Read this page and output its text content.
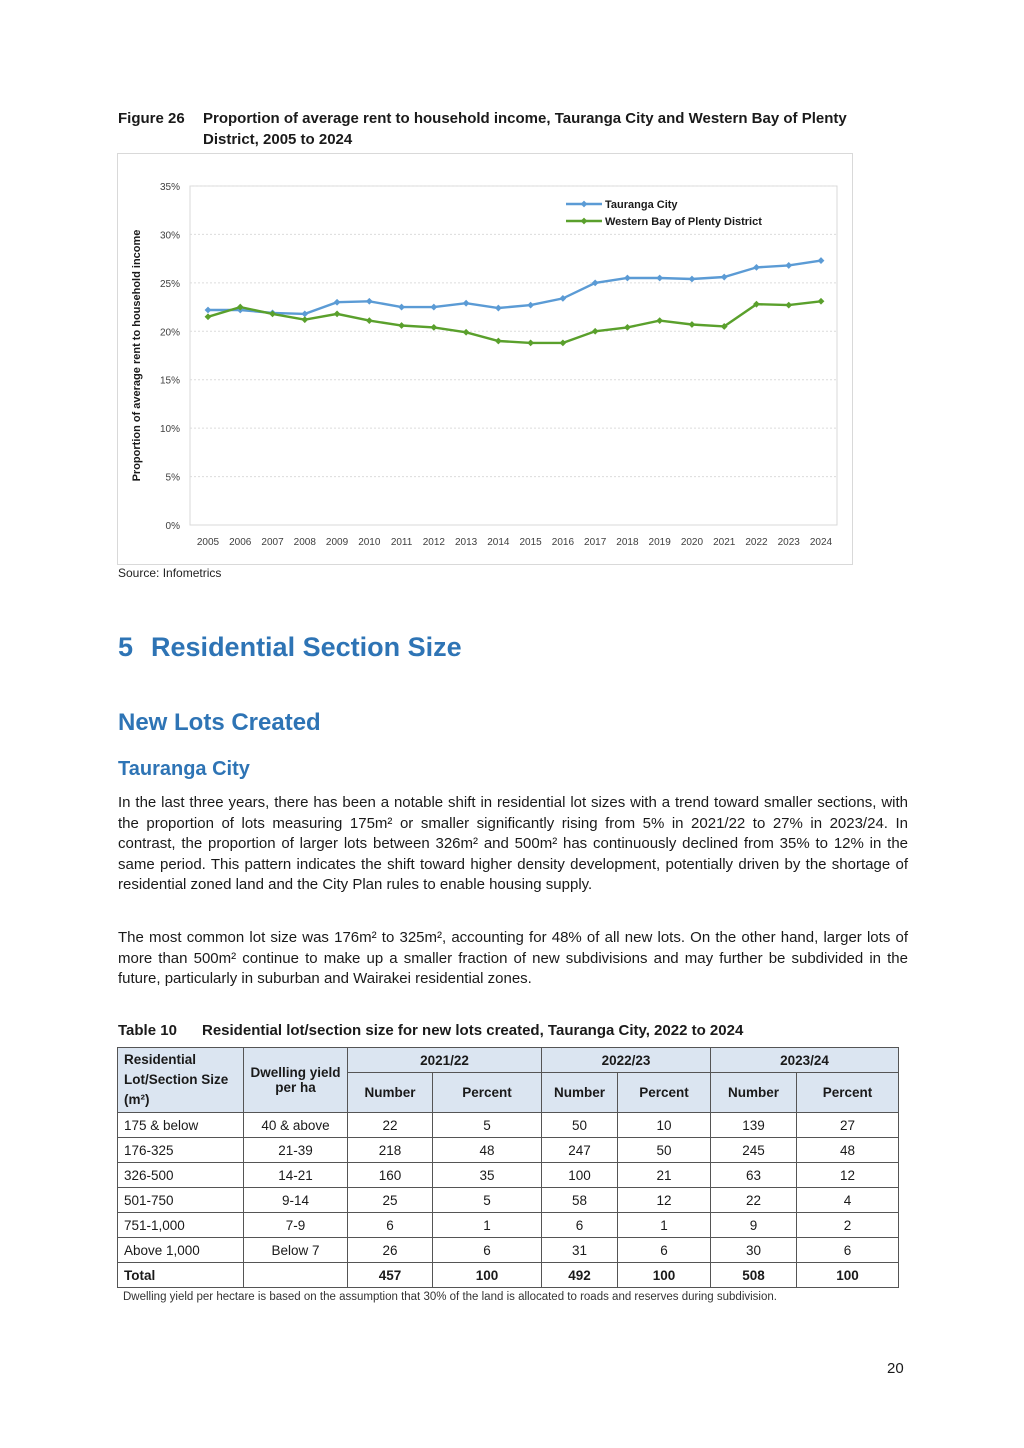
Figure 26	Proportion of average rent to household income, Tauranga City and Western Bay of Plenty District, 2005 to 2024
0%
5%
10%
15%
20%
25%
30%
35%
2005 2006 2007 2008 2009 2010 2011 2012 2013 2014 2015 2016 2017 2018 2019 2020 2021 2022 2023 2024
Proportion of average rent to household income
Tauranga City
Western Bay of Plenty District
Source: Infometrics
5 Residential Section Size
New Lots Created
Tauranga City
In the last three years, there has been a notable shift in residential lot sizes with a trend toward smaller sections, with the proportion of lots measuring 175m² or smaller significantly rising from 5% in 2021/22 to 27% in 2023/24. In contrast, the proportion of larger lots between 326m² and 500m² has continuously declined from 35% to 12% in the same period. This pattern indicates the shift toward higher density development, potentially driven by the shortage of residential zoned land and the City Plan rules to enable housing supply.
The most common lot size was 176m² to 325m², accounting for 48% of all new lots. On the other hand, larger lots of more than 500m² continue to make up a smaller fraction of new subdivisions and may further be subdivided in the future, particularly in suburban and Wairakei residential zones.
Table 10	Residential lot/section size for new lots created, Tauranga City, 2022 to 2024
Residential Lot/Section Size (m²)	Dwelling yield per ha	2021/22		2022/23		2023/24	
		Number	Percent	Number	Percent	Number	Percent
175 & below	40 & above	22	5	50	10	139	27
176-325	21-39	218	48	247	50	245	48
326-500	14-21	160	35	100	21	63	12
501-750	9-14	25	5	58	12	22	4
751-1,000	7-9	6	1	6	1	9	2
Above 1,000	Below 7	26	6	31	6	30	6
Total		457	100	492	100	508	100
Dwelling yield per hectare is based on the assumption that 30% of the land is allocated to roads and reserves during subdivision.
20
